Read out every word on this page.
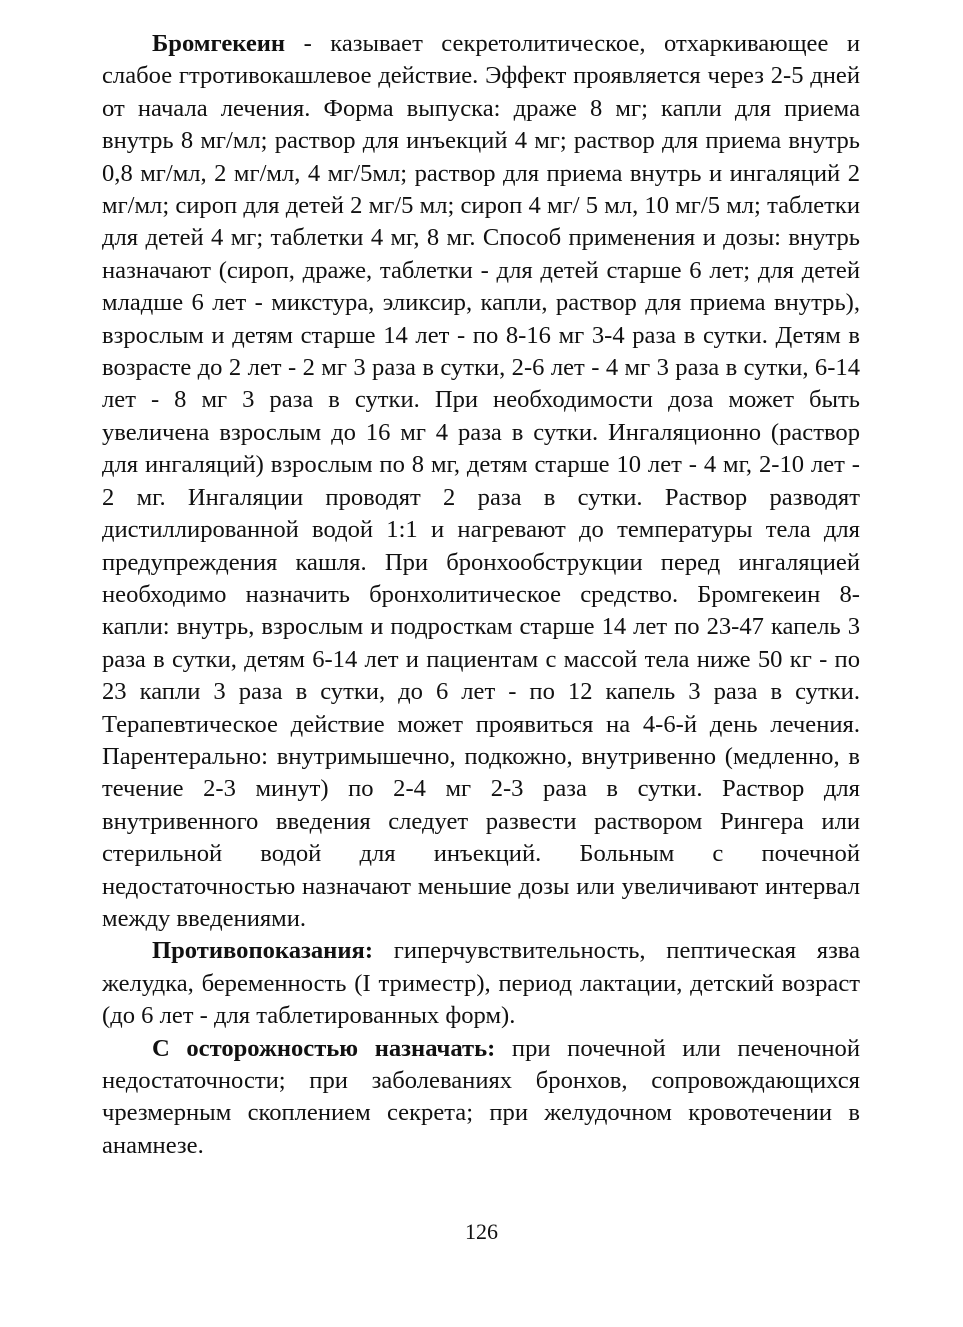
Бромгекеин - казывает секретолитическое, отхаркивающее и слабое гтротивокашлевое действие. Эффект проявляется через 2-5 дней от начала лечения. Форма выпуска: драже 8 мг; капли для приема внутрь 8 мг/мл; раствор для инъекций 4 мг; раствор для приема внутрь 0,8 мг/мл, 2 мг/мл, 4 мг/5мл; раствор для приема внутрь и ингаляций 2 мг/мл; сироп для детей 2 мг/5 мл; сироп 4 мг/ 5 мл, 10 мг/5 мл; таблетки для детей 4 мг; таблетки 4 мг, 8 мг. Способ применения и дозы: внутрь назначают (сироп, драже, таблетки - для детей старше 6 лет; для детей младше 6 лет - микстура, эликсир, капли, раствор для приема внутрь), взрослым и детям старше 14 лет - по 8-16 мг 3-4 раза в сутки. Детям в возрасте до 2 лет - 2 мг 3 раза в сутки, 2-6 лет - 4 мг 3 раза в сутки, 6-14 лет - 8 мг 3 раза в сутки. При необходимости доза может быть увеличена взрослым до 16 мг 4 раза в сутки. Ингаляционно (раствор для ингаляций) взрослым по 8 мг, детям старше 10 лет - 4 мг, 2-10 лет - 2 мг. Ингаляции проводят 2 раза в сутки. Раствор разводят дистиллированной водой 1:1 и нагревают до температуры тела для предупреждения кашля. При бронхообструкции перед ингаляцией необходимо назначить бронхолитическое средство. Бромгекеин 8-капли: внутрь, взрослым и подросткам старше 14 лет по 23-47 капель 3 раза в сутки, детям 6-14 лет и пациентам с массой тела ниже 50 кг - по 23 капли 3 раза в сутки, до 6 лет - по 12 капель 3 раза в сутки. Терапевтическое действие может проявиться на 4-6-й день лечения. Парентерально: внутримышечно, подкожно, внутривенно (медленно, в течение 2-3 минут) по 2-4 мг 2-3 раза в сутки. Раствор для внутривенного введения следует развести раствором Рингера или стерильной водой для инъекций. Больным с почечной недостаточностью назначают меньшие дозы или увеличивают интервал между введениями.

Противопоказания: гиперчувствительность, пептическая язва желудка, беременность (I триместр), период лактации, детский возраст (до 6 лет - для таблетированных форм).

С осторожностью назначать: при почечной или печеночной недостаточности; при заболеваниях бронхов, сопровождающихся чрезмерным скоплением секрета; при желудочном кровотечении в анамнезе.

126
